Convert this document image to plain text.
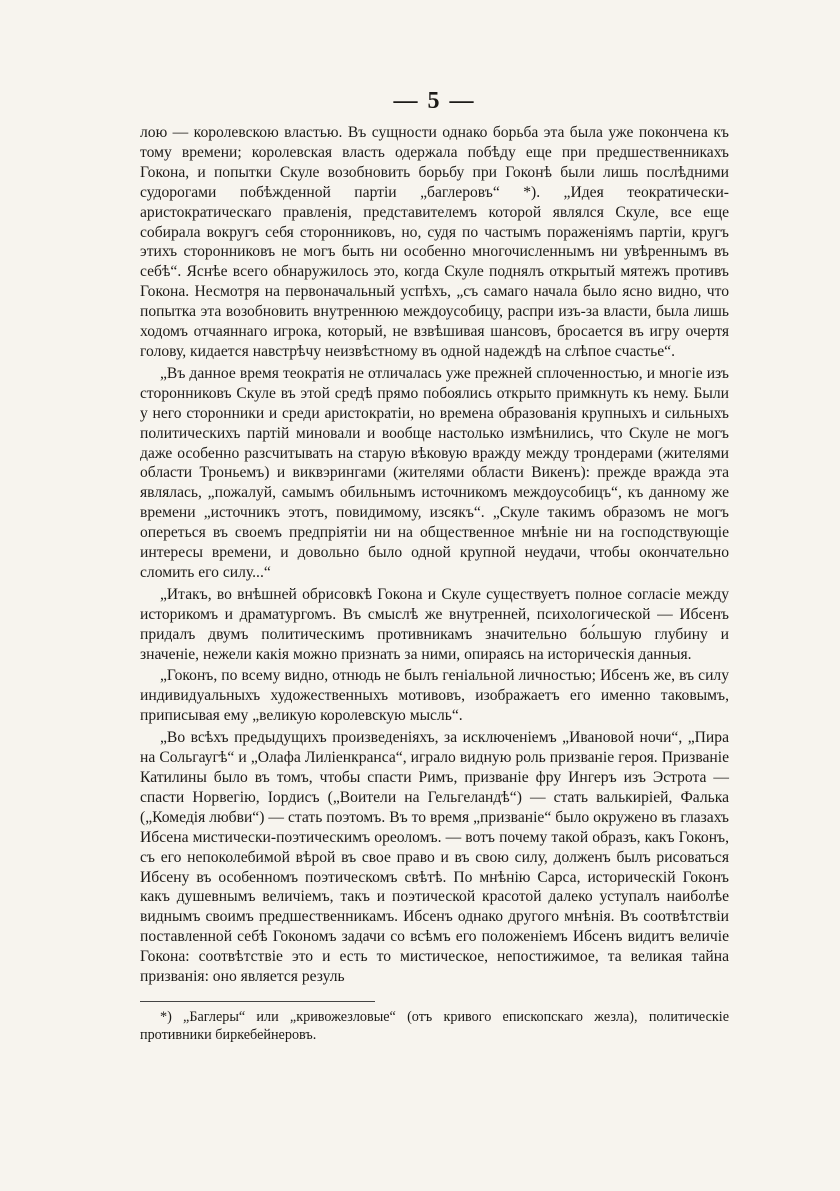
— 5 —

лою — королевскою властью. Въ сущности однако борьба эта была уже покончена къ тому времени; королевская власть одержала побѣду еще при предшественникахъ Гокона, и попытки Скуле возобновить борьбу при Гоконѣ были лишь послѣдними судорогами побѣжденной партіи „баглеровъ“ *). „Идея теократически-аристократическаго правленія, представителемъ которой являлся Скуле, все еще собирала вокругъ себя сторонниковъ, но, судя по частымъ пораженіямъ партіи, кругъ этихъ сторонниковъ не могъ быть ни особенно многочисленнымъ ни увѣреннымъ въ себѣ“. Яснѣе всего обнаружилось это, когда Скуле поднялъ открытый мятежъ противъ Гокона. Несмотря на первоначальный успѣхъ, „съ самаго начала было ясно видно, что попытка эта возобновить внутреннюю междоусобицу, распри изъ-за власти, была лишь ходомъ отчаяннаго игрока, который, не взвѣшивая шансовъ, бросается въ игру очертя голову, кидается навстрѣчу неизвѣстному въ одной надеждѣ на слѣпое счастье“.

„Въ данное время теократія не отличалась уже прежней сплоченностью, и многіе изъ сторонниковъ Скуле въ этой средѣ прямо побоялись открыто примкнуть къ нему. Были у него сторонники и среди аристократіи, но времена образованія крупныхъ и сильныхъ политическихъ партій миновали и вообще настолько измѣнились, что Скуле не могъ даже особенно разсчитывать на старую вѣковую вражду между трондерами (жителями области Троньемъ) и виквэрингами (жителями области Викенъ): прежде вражда эта являлась, „пожалуй, самымъ обильнымъ источникомъ междоусобицъ“, къ данному же времени „источникъ этотъ, повидимому, изсякъ“. „Скуле такимъ образомъ не могъ опереться въ своемъ предпріятіи ни на общественное мнѣніе ни на господствующіе интересы времени, и довольно было одной крупной неудачи, чтобы окончательно сломить его силу...“

„Итакъ, во внѣшней обрисовкѣ Гокона и Скуле существуетъ полное согласіе между историкомъ и драматургомъ. Въ смыслѣ же внутренней, психологической — Ибсенъ придалъ двумъ политическимъ противникамъ значительно бо́льшую глубину и значеніе, нежели какія можно признать за ними, опираясь на историческія данныя.

„Гоконъ, по всему видно, отнюдь не былъ геніальной личностью; Ибсенъ же, въ силу индивидуальныхъ художественныхъ мотивовъ, изображаетъ его именно таковымъ, приписывая ему „великую королевскую мысль“.

„Во всѣхъ предыдущихъ произведеніяхъ, за исключеніемъ „Ивановой ночи“, „Пира на Сольгаугѣ“ и „Олафа Лиліенкранса“, играло видную роль призваніе героя. Призваніе Катилины было въ томъ, чтобы спасти Римъ, призваніе фру Ингеръ изъ Эстрота — спасти Норвегію, Іордисъ („Воители на Гельгеландѣ“) — стать валькиріей, Фалька („Комедія любви“) — стать поэтомъ. Въ то время „призваніе“ было окружено въ глазахъ Ибсена мистически-поэтическимъ ореоломъ. — вотъ почему такой образъ, какъ Гоконъ, съ его непоколебимой вѣрой въ свое право и въ свою силу, долженъ былъ рисоваться Ибсену въ особенномъ поэтическомъ свѣтѣ. По мнѣнію Сарса, историческій Гоконъ какъ душевнымъ величіемъ, такъ и поэтической красотой далеко уступалъ наиболѣе виднымъ своимъ предшественникамъ. Ибсенъ однако другого мнѣнія. Въ соотвѣтствіи поставленной себѣ Гокономъ задачи со всѣмъ его положеніемъ Ибсенъ видитъ величіе Гокона: соотвѣтствіе это и есть то мистическое, непостижимое, та великая тайна призванія: оно является резуль

*) „Баглеры“ или „кривожезловые“ (отъ кривого епископскаго жезла), политическіе противники биркебейнеровъ.
